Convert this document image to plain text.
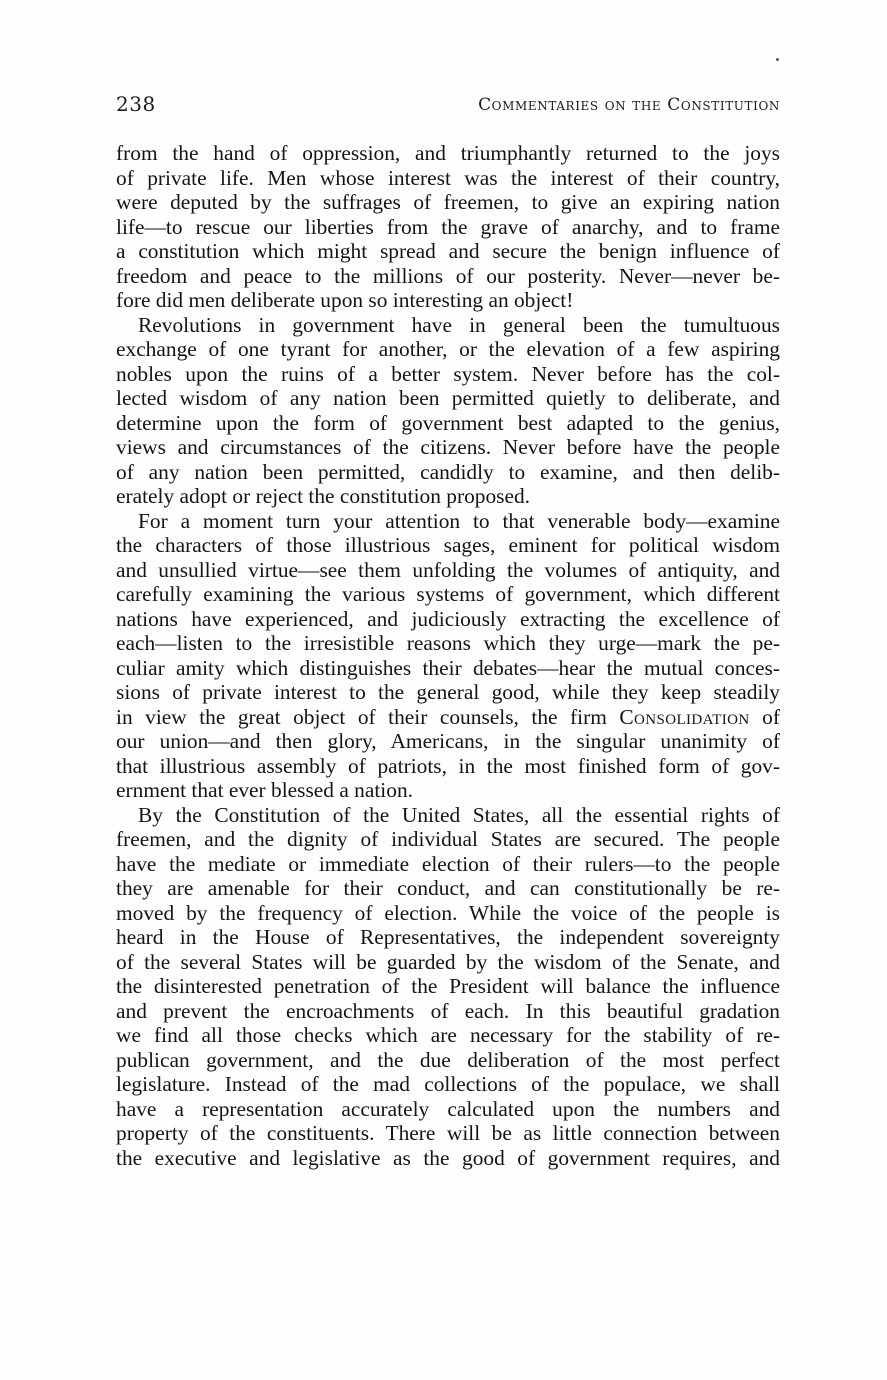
238	Commentaries on the Constitution
from the hand of oppression, and triumphantly returned to the joys
of private life. Men whose interest was the interest of their country,
were deputed by the suffrages of freemen, to give an expiring nation
life—to rescue our liberties from the grave of anarchy, and to frame
a constitution which might spread and secure the benign influence of
freedom and peace to the millions of our posterity. Never—never be-
fore did men deliberate upon so interesting an object!
Revolutions in government have in general been the tumultuous
exchange of one tyrant for another, or the elevation of a few aspiring
nobles upon the ruins of a better system. Never before has the col-
lected wisdom of any nation been permitted quietly to deliberate, and
determine upon the form of government best adapted to the genius,
views and circumstances of the citizens. Never before have the people
of any nation been permitted, candidly to examine, and then delib-
erately adopt or reject the constitution proposed.
For a moment turn your attention to that venerable body—examine
the characters of those illustrious sages, eminent for political wisdom
and unsullied virtue—see them unfolding the volumes of antiquity, and
carefully examining the various systems of government, which different
nations have experienced, and judiciously extracting the excellence of
each—listen to the irresistible reasons which they urge—mark the pe-
culiar amity which distinguishes their debates—hear the mutual conces-
sions of private interest to the general good, while they keep steadily
in view the great object of their counsels, the firm Consolidation of
our union—and then glory, Americans, in the singular unanimity of
that illustrious assembly of patriots, in the most finished form of gov-
ernment that ever blessed a nation.
By the Constitution of the United States, all the essential rights of
freemen, and the dignity of individual States are secured. The people
have the mediate or immediate election of their rulers—to the people
they are amenable for their conduct, and can constitutionally be re-
moved by the frequency of election. While the voice of the people is
heard in the House of Representatives, the independent sovereignty
of the several States will be guarded by the wisdom of the Senate, and
the disinterested penetration of the President will balance the influence
and prevent the encroachments of each. In this beautiful gradation
we find all those checks which are necessary for the stability of re-
publican government, and the due deliberation of the most perfect
legislature. Instead of the mad collections of the populace, we shall
have a representation accurately calculated upon the numbers and
property of the constituents. There will be as little connection between
the executive and legislative as the good of government requires, and
